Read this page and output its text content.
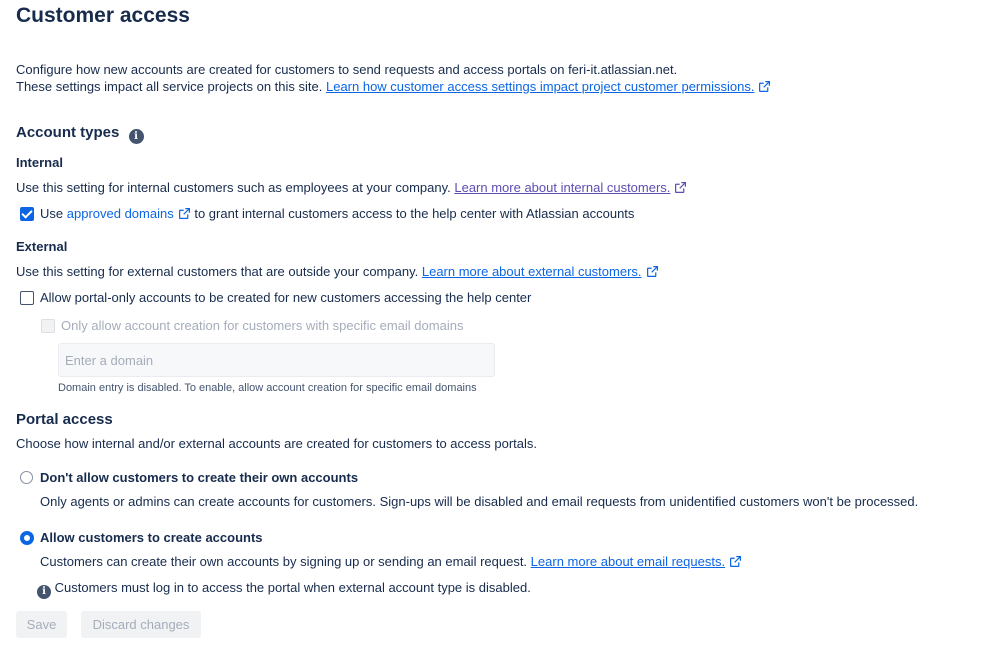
Customer access
Configure how new accounts are created for customers to send requests and access portals on feri-it.atlassian.net.
These settings impact all service projects on this site. Learn how customer access settings impact project customer permissions.
Account types i
Internal
Use this setting for internal customers such as employees at your company. Learn more about internal customers.
Use approved domains to grant internal customers access to the help center with Atlassian accounts
External
Use this setting for external customers that are outside your company. Learn more about external customers.
Allow portal-only accounts to be created for new customers accessing the help center
Only allow account creation for customers with specific email domains
Enter a domain
Domain entry is disabled. To enable, allow account creation for specific email domains
Portal access
Choose how internal and/or external accounts are created for customers to access portals.
Don't allow customers to create their own accounts
Only agents or admins can create accounts for customers. Sign-ups will be disabled and email requests from unidentified customers won't be processed.
Allow customers to create accounts
Customers can create their own accounts by signing up or sending an email request. Learn more about email requests.
i Customers must log in to access the portal when external account type is disabled.
Save	Discard changes
